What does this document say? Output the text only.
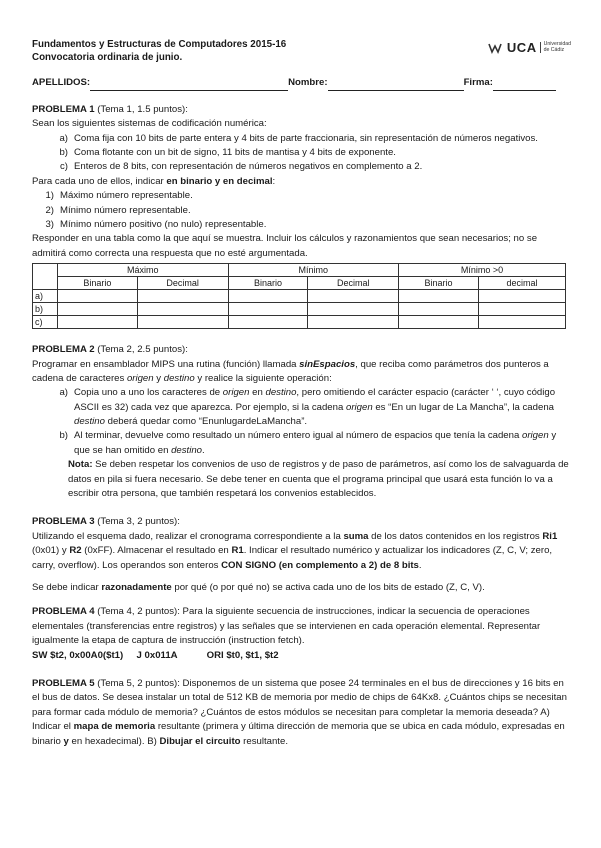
UCA	Universidad
de Cádiz
Fundamentos y Estructuras de Computadores 2015-16
Convocatoria ordinaria de junio.
APELLIDOS:	Nombre:	Firma:
PROBLEMA 1 (Tema 1, 1.5 puntos):

Sean los siguientes sistemas de codificación numérica:

a) Coma fija con 10 bits de parte entera y 4 bits de parte fraccionaria, sin representación de números negativos.
b) Coma flotante con un bit de signo, 11 bits de mantisa y 4 bits de exponente.
c) Enteros de 8 bits, con representación de números negativos en complemento a 2.

Para cada uno de ellos, indicar en binario y en decimal:

1) Máximo número representable.
2) Mínimo número representable.
3) Mínimo número positivo (no nulo) representable.

Responder en una tabla como la que aquí se muestra. Incluir los cálculos y razonamientos que sean necesarios; no se admitirá como correcta una respuesta que no esté argumentada.

	Máximo		Mínimo		Mínimo >0	
	Binario	Decimal	Binario	Decimal	Binario	decimal
a)						
b)						
c)						
PROBLEMA 2 (Tema 2, 2.5 puntos):

Programar en ensamblador MIPS una rutina (función) llamada sinEspacios, que reciba como parámetros dos punteros a cadena de caracteres origen y destino y realice la siguiente operación:

a) Copia uno a uno los caracteres de origen en destino, pero omitiendo el carácter espacio (carácter ‘ ‘, cuyo código ASCII es 32) cada vez que aparezca. Por ejemplo, si la cadena origen es “En un lugar de La Mancha”, la cadena destino deberá quedar como “EnunlugardeLaMancha”.
b) Al terminar, devuelve como resultado un número entero igual al número de espacios que tenía la cadena origen y que se han omitido en destino.

Nota: Se deben respetar los convenios de uso de registros y de paso de parámetros, así como los de salvaguarda de datos en pila si fuera necesario. Se debe tener en cuenta que el programa principal que usará esta función lo va a escribir otra persona, que también respetará los convenios establecidos.

PROBLEMA 3 (Tema 3, 2 puntos):

Utilizando el esquema dado, realizar el cronograma correspondiente a la suma de los datos contenidos en los registros Ri1 (0x01) y R2 (0xFF). Almacenar el resultado en R1. Indicar el resultado numérico y actualizar los indicadores (Z, C, V; zero, carry, overflow). Los operandos son enteros CON SIGNO (en complemento a 2) de 8 bits.

Se debe indicar razonadamente por qué (o por qué no) se activa cada uno de los bits de estado (Z, C, V).

PROBLEMA 4 (Tema 4, 2 puntos): Para la siguiente secuencia de instrucciones, indicar la secuencia de operaciones elementales (transferencias entre registros) y las señales que se intervienen en cada operación elemental. Representar igualmente la etapa de captura de instrucción (instruction fetch).

SW $t2, 0x00A0($t1) J 0x011A	ORI $t0, $t1, $t2

PROBLEMA 5 (Tema 5, 2 puntos): Disponemos de un sistema que posee 24 terminales en el bus de direcciones y 16 bits en el bus de datos. Se desea instalar un total de 512 KB de memoria por medio de chips de 64Kx8. ¿Cuántos chips se necesitan para formar cada módulo de memoria? ¿Cuántos de estos módulos se necesitan para completar la memoria deseada? A) Indicar el mapa de memoria resultante (primera y última dirección de memoria que se ubica en cada módulo, expresadas en binario y en hexadecimal). B) Dibujar el circuito resultante.
